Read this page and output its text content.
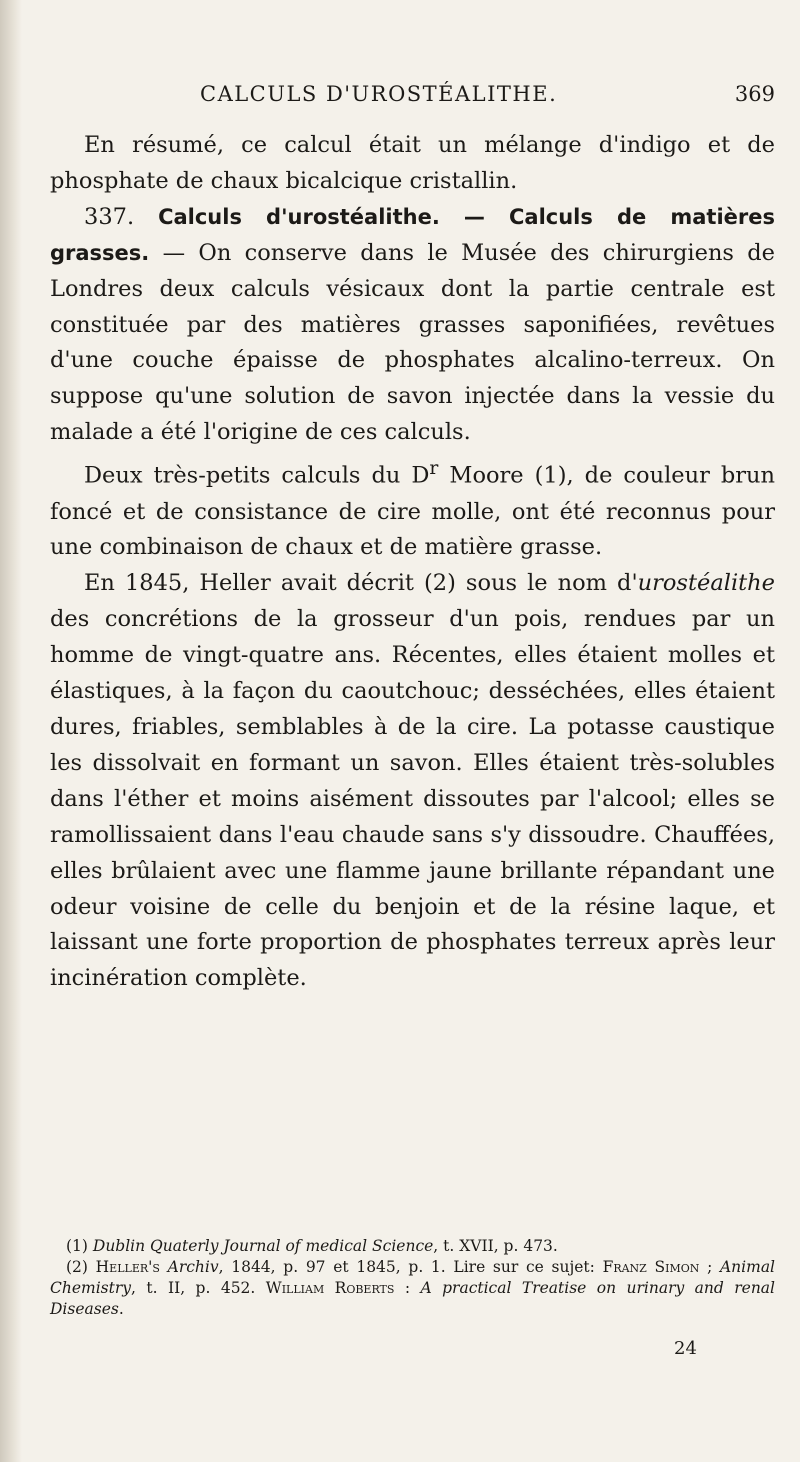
CALCULS D'UROSTÉALITHE.	369

En résumé, ce calcul était un mélange d'indigo et de phosphate de chaux bicalcique cristallin.

337. Calculs d'urostéalithe. — Calculs de matières grasses. — On conserve dans le Musée des chirurgiens de Londres deux calculs vésicaux dont la partie centrale est constituée par des matières grasses saponifiées, revêtues d'une couche épaisse de phosphates alcalino-terreux. On suppose qu'une solution de savon injectée dans la vessie du malade a été l'origine de ces calculs.

Deux très-petits calculs du $D^r$ Moore (1), de couleur brun foncé et de consistance de cire molle, ont été reconnus pour une combinaison de chaux et de matière grasse.

En 1845, Heller avait décrit (2) sous le nom d'urostéalithe des concrétions de la grosseur d'un pois, rendues par un homme de vingt-quatre ans. Récentes, elles étaient molles et élastiques, à la façon du caoutchouc; desséchées, elles étaient dures, friables, semblables à de la cire. La potasse caustique les dissolvait en formant un savon. Elles étaient très-solubles dans l'éther et moins aisément dissoutes par l'alcool; elles se ramollissaient dans l'eau chaude sans s'y dissoudre. Chauffées, elles brûlaient avec une flamme jaune brillante répandant une odeur voisine de celle du benjoin et de la résine laque, et laissant une forte proportion de phosphates terreux après leur incinération complète.

(1) Dublin Quaterly Journal of medical Science, t. XVII, p. 473.

(2) Heller's Archiv, 1844, p. 97 et 1845, p. 1. Lire sur ce sujet: Franz Simon ; Animal Chemistry, t. II, p. 452. William Roberts : A practical Treatise on urinary and renal Diseases.

24
